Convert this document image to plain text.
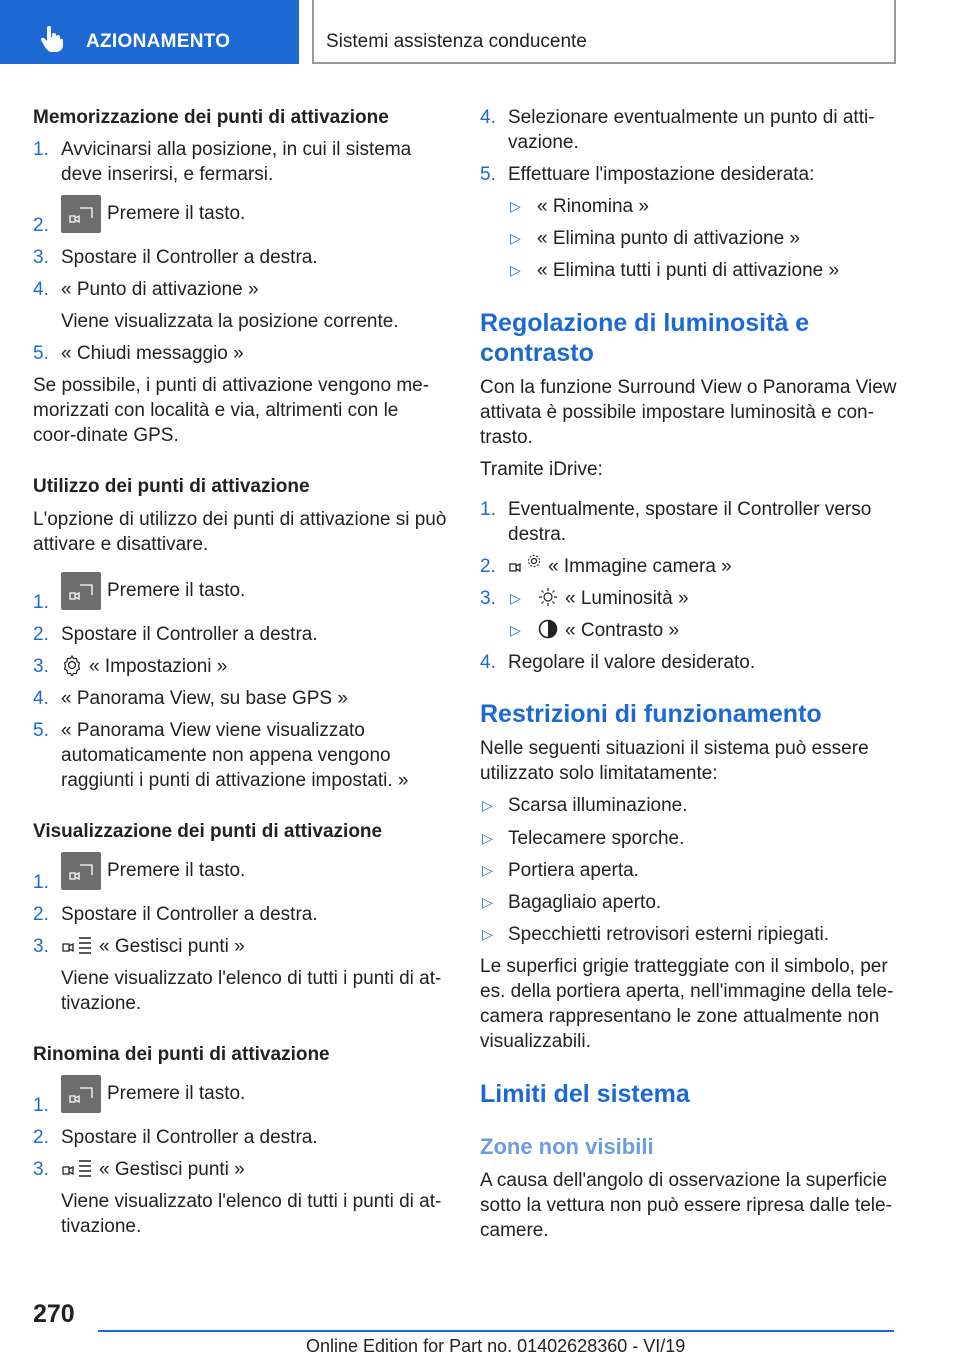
AZIONAMENTO	Sistemi assistenza conducente
Memorizzazione dei punti di attivazione
1. Avvicinarsi alla posizione, in cui il sistema deve inserirsi, e fermarsi.
2.
Premere il tasto.
3. Spostare il Controller a destra.
4. « Punto di attivazione »
Viene visualizzata la posizione corrente.
5. « Chiudi messaggio »
Se possibile, i punti di attivazione vengono me-morizzati con località e via, altrimenti con le coor-dinate GPS.
Utilizzo dei punti di attivazione
L'opzione di utilizzo dei punti di attivazione si può attivare e disattivare.
1.
Premere il tasto.
2. Spostare il Controller a destra.
3.	« Impostazioni »
4. « Panorama View, su base GPS »
5. « Panorama View viene visualizzato automaticamente non appena vengono raggiunti i punti di attivazione impostati. »
Visualizzazione dei punti di attivazione
1.
Premere il tasto.
2. Spostare il Controller a destra.
3.	« Gestisci punti »
Viene visualizzato l'elenco di tutti i punti di at-tivazione.
Rinomina dei punti di attivazione
1.
Premere il tasto.
2. Spostare il Controller a destra.
3.	« Gestisci punti »
Viene visualizzato l'elenco di tutti i punti di at-tivazione.
4. Selezionare eventualmente un punto di atti-vazione.
5. Effettuare l'impostazione desiderata:
▷ « Rinomina »
▷ « Elimina punto di attivazione »
▷ « Elimina tutti i punti di attivazione »
Regolazione di luminosità e contrasto
Con la funzione Surround View o Panorama View attivata è possibile impostare luminosità e con-trasto.
Tramite iDrive:
1. Eventualmente, spostare il Controller verso destra.
2.	« Immagine camera »
3. ▷	« Luminosità »
▷	« Contrasto »
4. Regolare il valore desiderato.
Restrizioni di funzionamento
Nelle seguenti situazioni il sistema può essere utilizzato solo limitatamente:
▷ Scarsa illuminazione.
▷ Telecamere sporche.
▷ Portiera aperta.
▷ Bagagliaio aperto.
▷ Specchietti retrovisori esterni ripiegati.
Le superfici grigie tratteggiate con il simbolo, per es. della portiera aperta, nell'immagine della tele-camera rappresentano le zone attualmente non visualizzabili.
Limiti del sistema
Zone non visibili
A causa dell'angolo di osservazione la superficie sotto la vettura non può essere ripresa dalle tele-camere.
270
Online Edition for Part no. 01402628360 - VI/19
